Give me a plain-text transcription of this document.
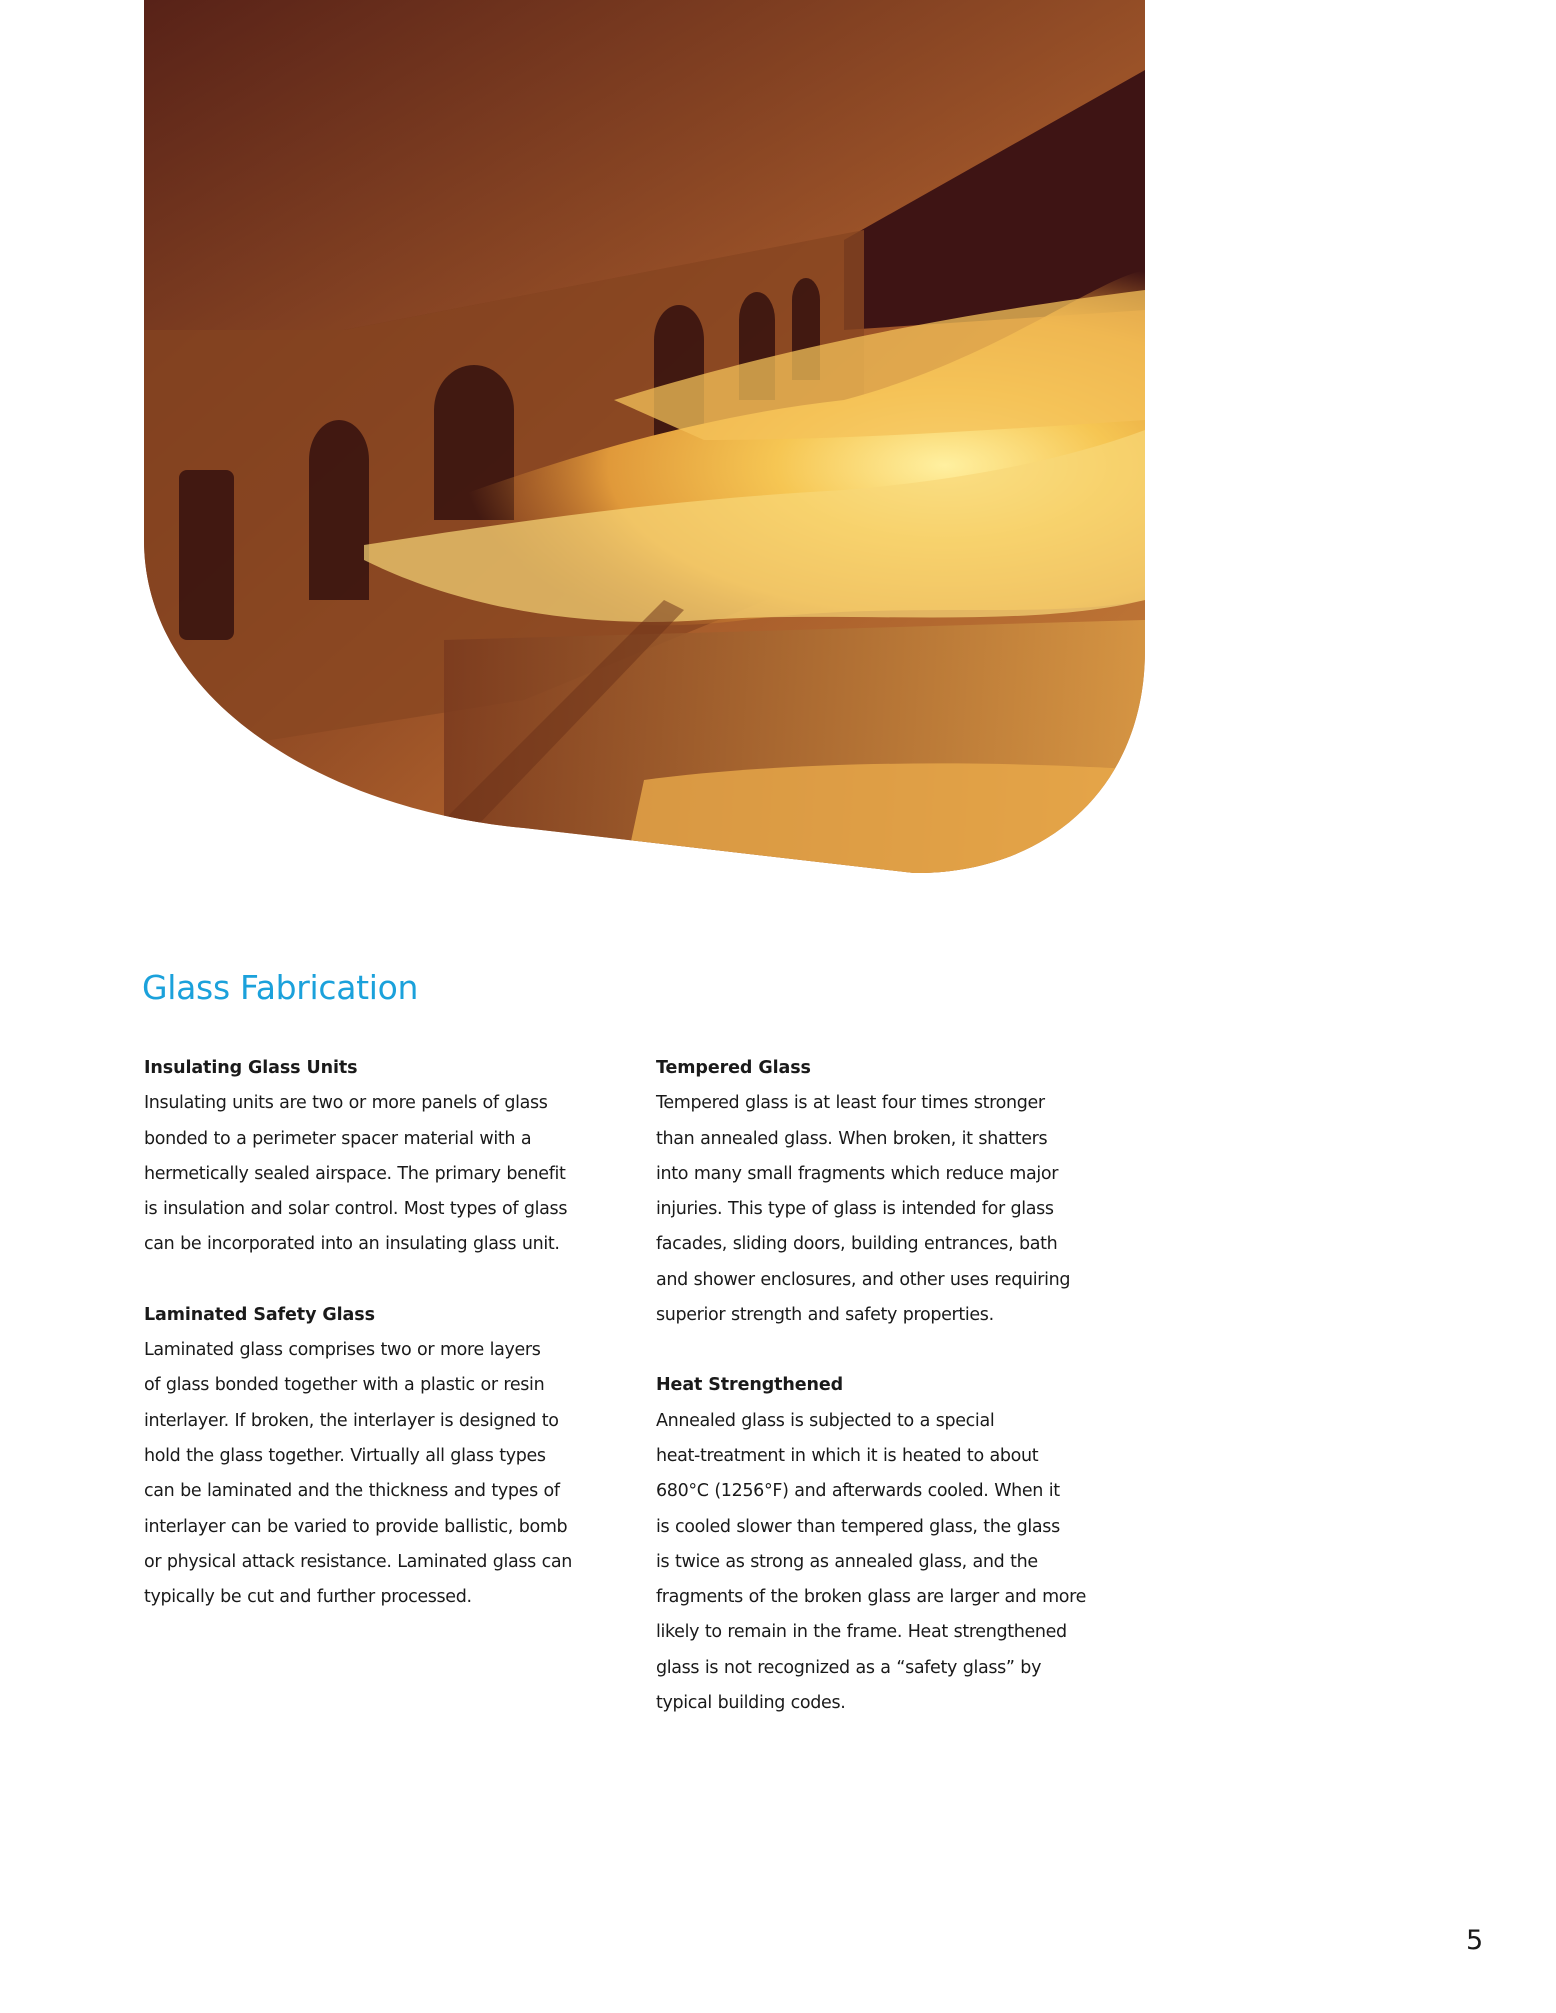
Glass Fabrication
Insulating Glass Units
Insulating units are two or more panels of glass
bonded to a perimeter spacer material with a
hermetically sealed airspace. The primary benefit
is insulation and solar control. Most types of glass
can be incorporated into an insulating glass unit.
Laminated Safety Glass
Laminated glass comprises two or more layers
of glass bonded together with a plastic or resin
interlayer. If broken, the interlayer is designed to
hold the glass together. Virtually all glass types
can be laminated and the thickness and types of
interlayer can be varied to provide ballistic, bomb
or physical attack resistance. Laminated glass can
typically be cut and further processed.
Tempered Glass
Tempered glass is at least four times stronger
than annealed glass. When broken, it shatters
into many small fragments which reduce major
injuries. This type of glass is intended for glass
facades, sliding doors, building entrances, bath
and shower enclosures, and other uses requiring
superior strength and safety properties.
Heat Strengthened
Annealed glass is subjected to a special
heat-treatment in which it is heated to about
680°C (1256°F) and afterwards cooled. When it
is cooled slower than tempered glass, the glass
is twice as strong as annealed glass, and the
fragments of the broken glass are larger and more
likely to remain in the frame. Heat strengthened
glass is not recognized as a “safety glass” by
typical building codes.
5
